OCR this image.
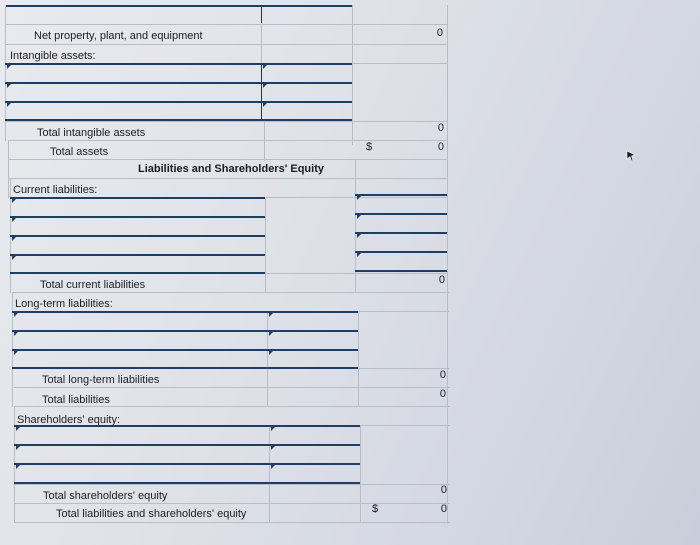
Net property, plant, and equipment	0
Intangible assets:
Total intangible assets	0
Total assets	$	0
Liabilities and Shareholders' Equity
Current liabilities:
Total current liabilities	0
Long-term liabilities:
Total long-term liabilities	0
Total liabilities	0
Shareholders' equity:
Total shareholders' equity	0
Total liabilities and shareholders' equity	$	0
